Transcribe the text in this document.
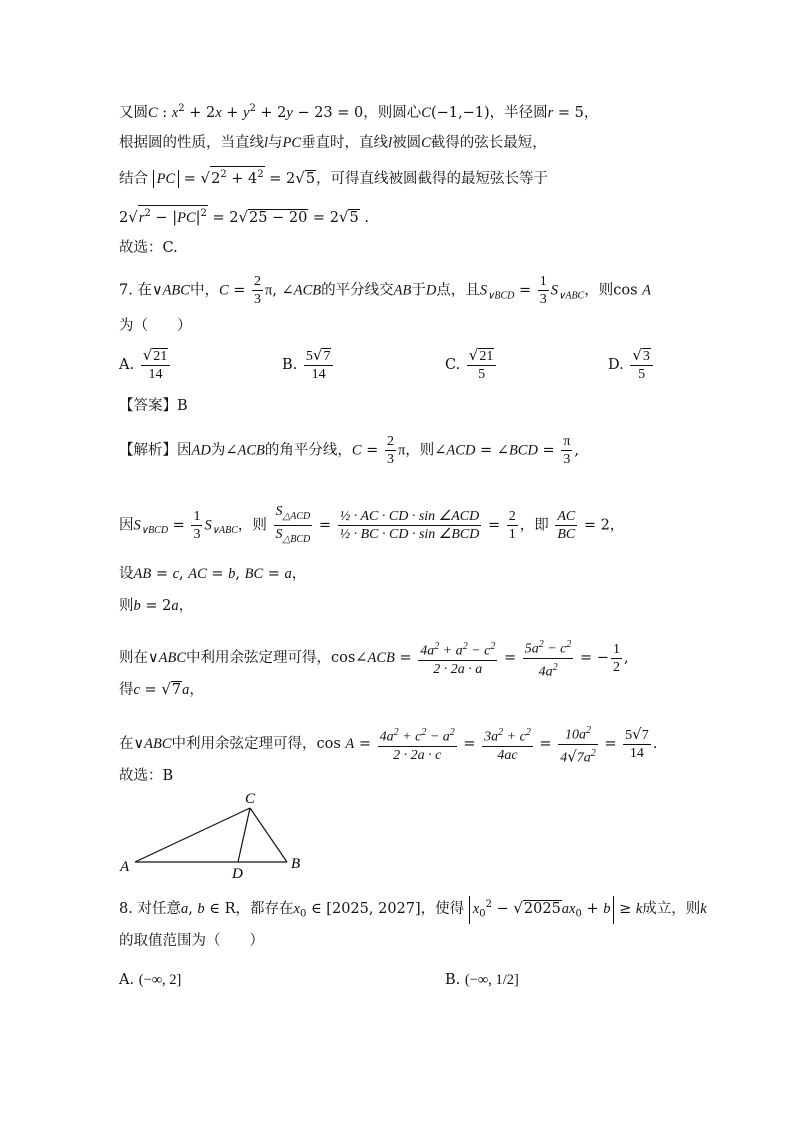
又圆C : $x^2 + 2x + y^2 + 2y - 23 = 0$，则圆心C(−1,−1)，半径圆r = 5，
根据圆的性质，当直线l与PC垂直时，直线l被圆C截得的弦长最短，
结合 PC = $√2^2 + 4^2 = 2√5$，可得直线被圆截得的最短弦长等于
$2√r^2 - |PC|^2 = 2√25 - 20 = 2√5$ .
故选：C.
7. 在∨ABC中，$C = \frac{2}{3} \pi$, ∠ACB的平分线交AB于D点，且$S_{\vee BCD} = \frac{1}{3} S_{\vee ABC}$，则cos A
为（　　）
A. $\frac{√21}{14}$	B. $\frac{5√7}{14}$	C. $\frac{√21}{5}$	D. $\frac{√3}{5}$
【答案】B
【解析】因AD为∠ACB的角平分线，$C = \frac{2}{3}$ π，则∠ACD = ∠BCD = $\frac{\pi}{3}$ ,
因$S_{\vee BCD} = \frac{1}{3} S_{\vee ABC}$，则 $\frac{S_{\triangle ACD}}{S_{\triangle BCD}} = \frac{\text{½ · AC · CD · sin ∠ACD}}{\text{½ · BC · CD · sin ∠BCD}} = \frac{2}{1}$ ，即 $\frac{AC}{BC} = 2$，
设AB = c, AC = b, BC = a，
则b = 2a，
则在∨ABC中利用余弦定理可得，cos∠ACB = $\frac{4a^2 + a^2 - c^2}{2 \cdot 2a \cdot a} = \frac{5a^2 - c^2}{4a^2}$ = − $\frac{1}{2}$ ,
得c = √7a，
在∨ABC中利用余弦定理可得，$\cos A = \frac{4a^2 + c^2 - a^2}{2 \cdot 2a \cdot c} = \frac{3a^2 + c^2}{4ac} = \frac{10a^2}{4√7a^2} = \frac{5√7}{14}$ .
故选：B
A	B
C
D
8. 对任意a, b ∈ R，都存在$x_0$ ∈ [2025, 2027]，使得 $x_0^2 - √2025ax_0 + b \ge k$成立，则k
的取值范围为（　　）
A. (−∞, 2]	B. (−∞, 1/2]
